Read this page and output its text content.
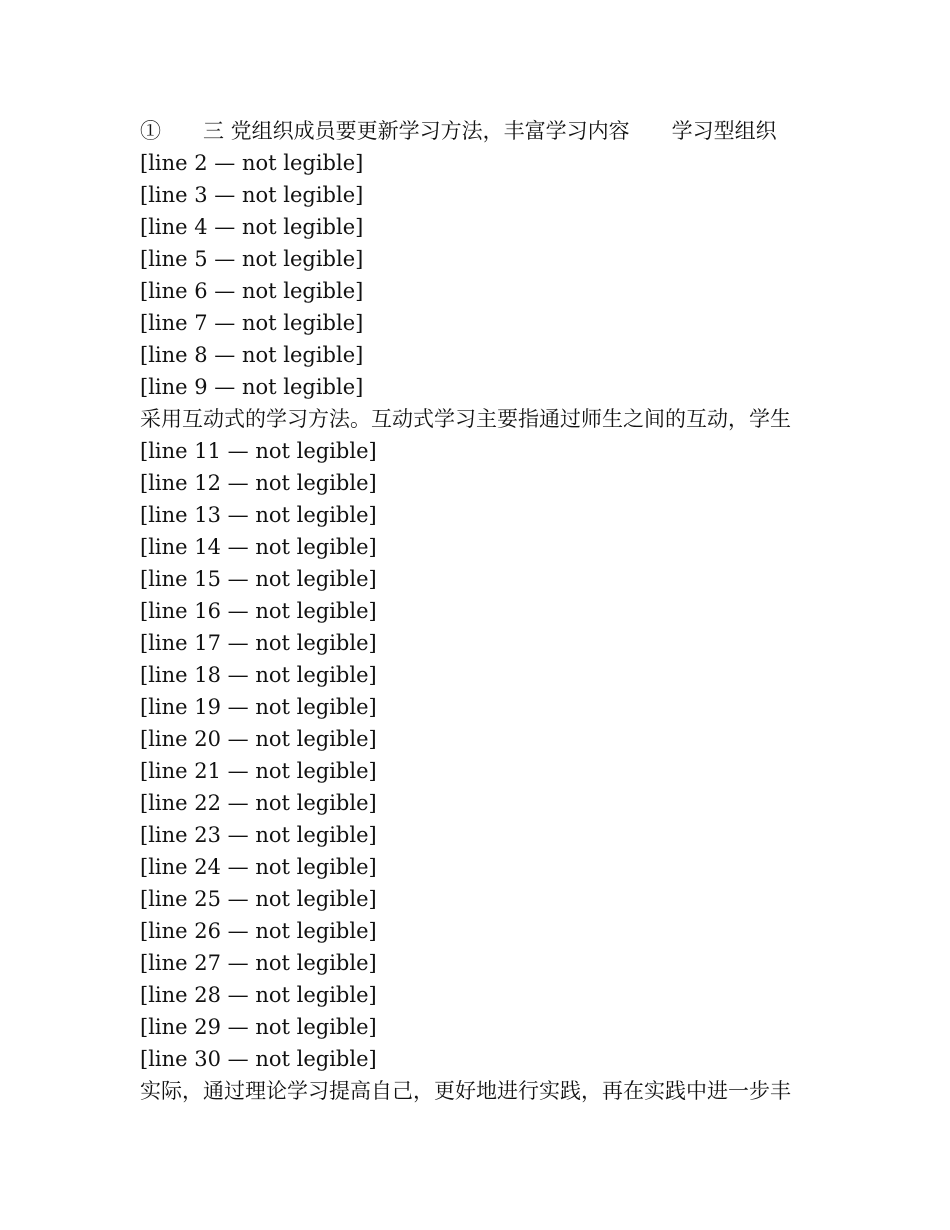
①　　三 党组织成员要更新学习方法，丰富学习内容　　学习型组织
[line 2 — not legible]
[line 3 — not legible]
[line 4 — not legible]
[line 5 — not legible]
[line 6 — not legible]
[line 7 — not legible]
[line 8 — not legible]
[line 9 — not legible]
采用互动式的学习方法。互动式学习主要指通过师生之间的互动，学生
[line 11 — not legible]
[line 12 — not legible]
[line 13 — not legible]
[line 14 — not legible]
[line 15 — not legible]
[line 16 — not legible]
[line 17 — not legible]
[line 18 — not legible]
[line 19 — not legible]
[line 20 — not legible]
[line 21 — not legible]
[line 22 — not legible]
[line 23 — not legible]
[line 24 — not legible]
[line 25 — not legible]
[line 26 — not legible]
[line 27 — not legible]
[line 28 — not legible]
[line 29 — not legible]
[line 30 — not legible]
实际，通过理论学习提高自己，更好地进行实践，再在实践中进一步丰
